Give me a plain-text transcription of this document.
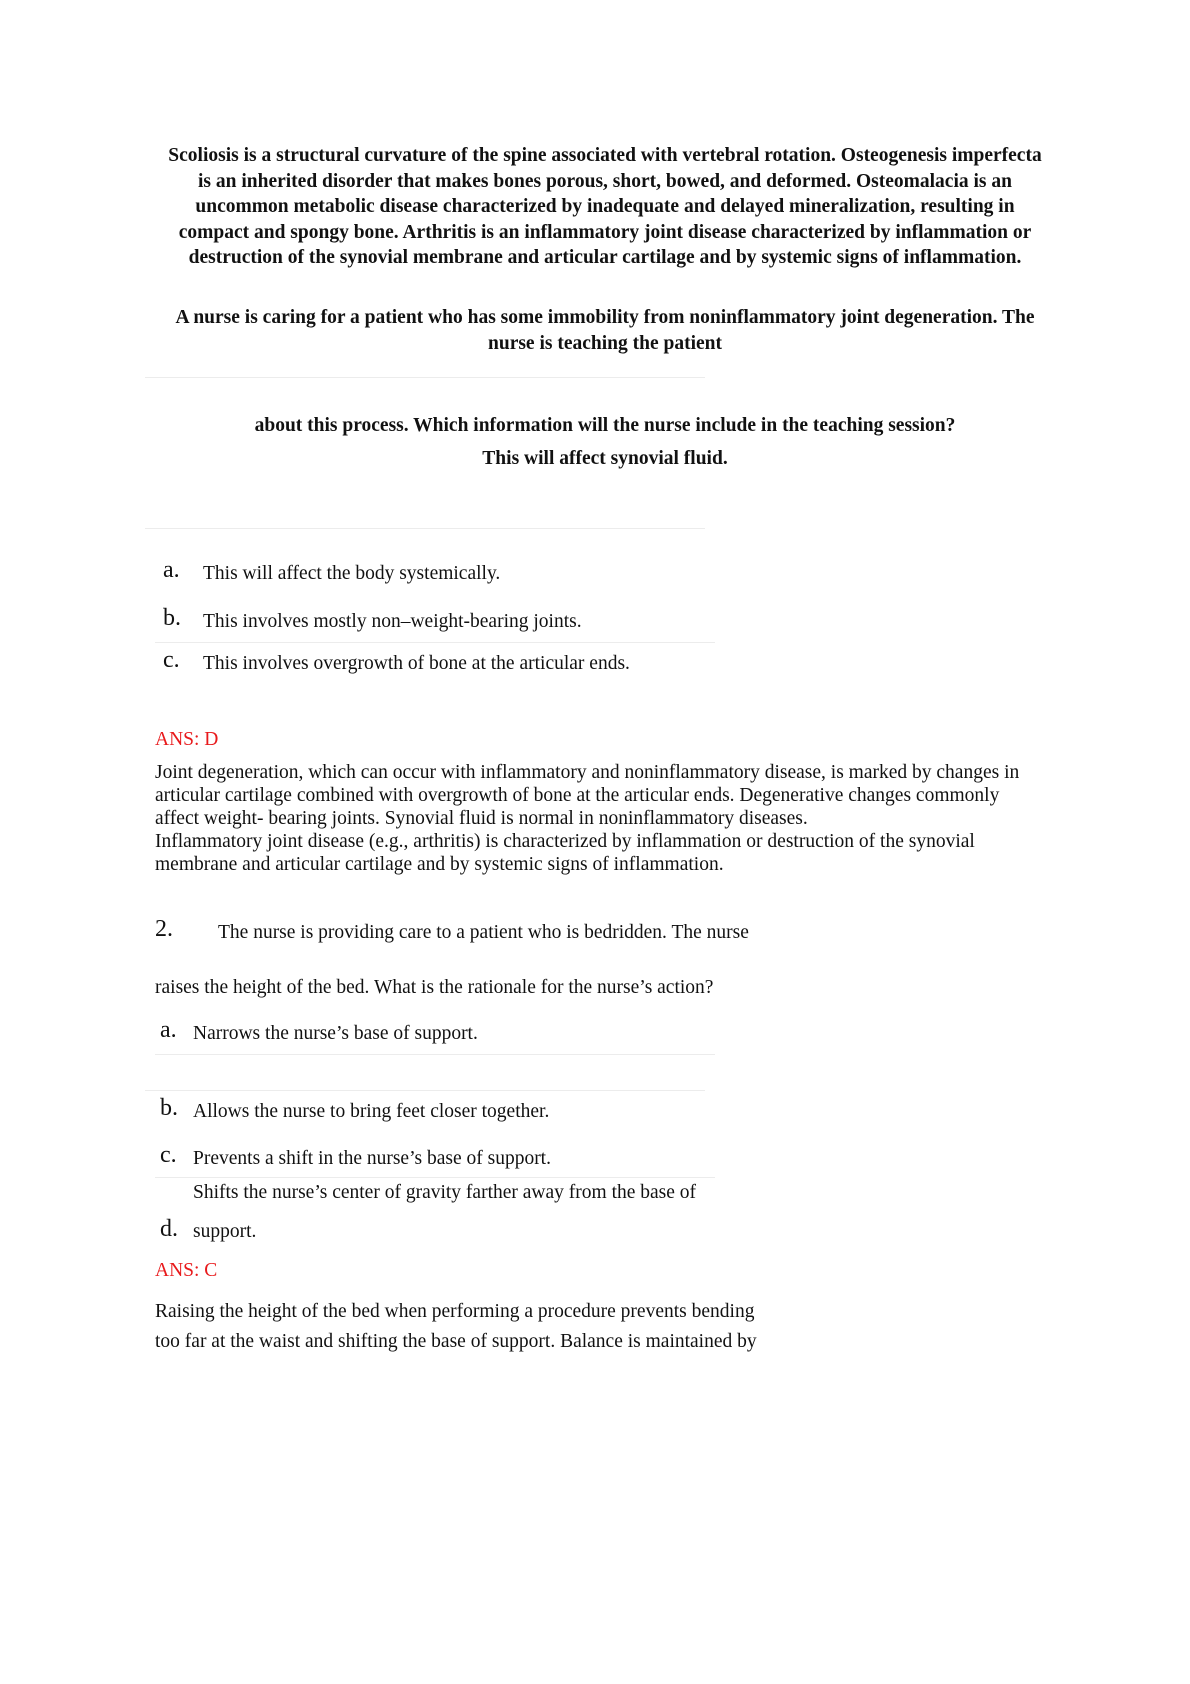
Scoliosis is a structural curvature of the spine associated with vertebral rotation. Osteogenesis imperfecta is an inherited disorder that makes bones porous, short, bowed, and deformed. Osteomalacia is an uncommon metabolic disease characterized by inadequate and delayed mineralization, resulting in compact and spongy bone. Arthritis is an inflammatory joint disease characterized by inflammation or destruction of the synovial membrane and articular cartilage and by systemic signs of inflammation.
A nurse is caring for a patient who has some immobility from noninflammatory joint degeneration. The nurse is teaching the patient
about this process. Which information will the nurse include in the teaching session?
This will affect synovial fluid.
a. This will affect the body systemically.
b. This involves mostly non–weight-bearing joints.
c. This involves overgrowth of bone at the articular ends.
ANS: D
Joint degeneration, which can occur with inflammatory and noninflammatory disease, is marked by changes in articular cartilage combined with overgrowth of bone at the articular ends. Degenerative changes commonly affect weight- bearing joints. Synovial fluid is normal in noninflammatory diseases.
Inflammatory joint disease (e.g., arthritis) is characterized by inflammation or destruction of the synovial membrane and articular cartilage and by systemic signs of inflammation.
2. The nurse is providing care to a patient who is bedridden. The nurse
raises the height of the bed. What is the rationale for the nurse’s action?
a. Narrows the nurse’s base of support.
b. Allows the nurse to bring feet closer together.
c. Prevents a shift in the nurse’s base of support.
Shifts the nurse’s center of gravity farther away from the base of
d. support.
ANS: C
Raising the height of the bed when performing a procedure prevents bending
too far at the waist and shifting the base of support. Balance is maintained by
